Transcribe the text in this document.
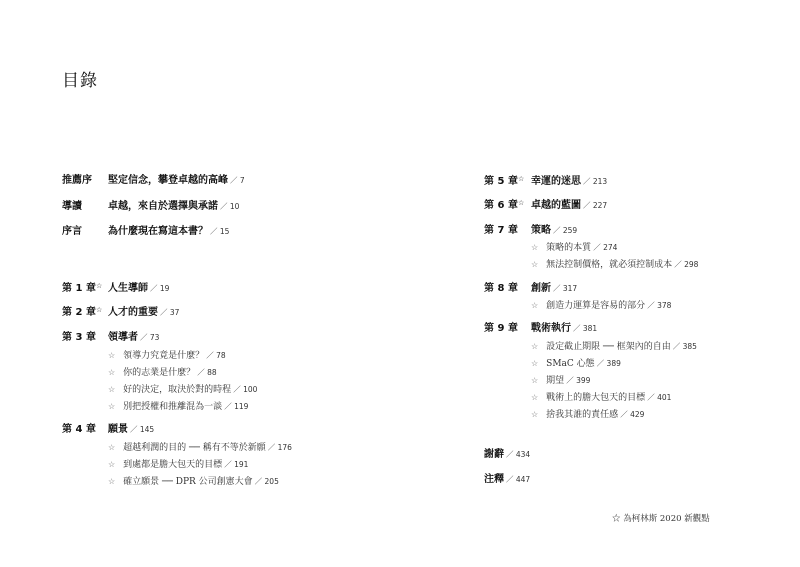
目錄
推薦序 堅定信念，攀登卓越的高峰 ／ 7
導讀	卓越，來自於選擇與承諾 ／ 10
序言	為什麼現在寫這本書？ ／ 15
第 1 章☆ 人生導師 ／ 19
第 2 章☆ 人才的重要 ／ 37
第 3 章 領導者 ／ 73
☆ 領導力究竟是什麼？ ／ 78
☆ 你的志業是什麼？ ／ 88
☆ 好的決定，取決於對的時程 ／ 100
☆ 別把授權和推離混為一談 ／ 119
第 4 章 願景 ／ 145
☆ 超越利潤的目的 ── 稱有不等於新願 ／ 176
☆ 到處都是膽大包天的目標 ／ 191
☆ 確立願景 ── DPR 公司創憲大會 ／ 205
第 5 章☆ 幸運的迷思 ／ 213
第 6 章☆ 卓越的藍圖 ／ 227
第 7 章 策略 ／ 259
☆ 策略的本質 ／ 274
☆ 無法控制價格，就必須控制成本 ／ 298
第 8 章 創新 ／ 317
☆ 創造力運算是容易的部分 ／ 378
第 9 章 戰術執行 ／ 381
☆ 設定截止期限 ── 框架內的自由 ／ 385
☆ SMaC 心態 ／ 389
☆ 期望 ／ 399
☆ 戰術上的膽大包天的目標 ／ 401
☆ 捨我其誰的責任感 ／ 429
謝辭 ／ 434
注釋 ／ 447
☆ 為柯林斯 2020 新觀點
